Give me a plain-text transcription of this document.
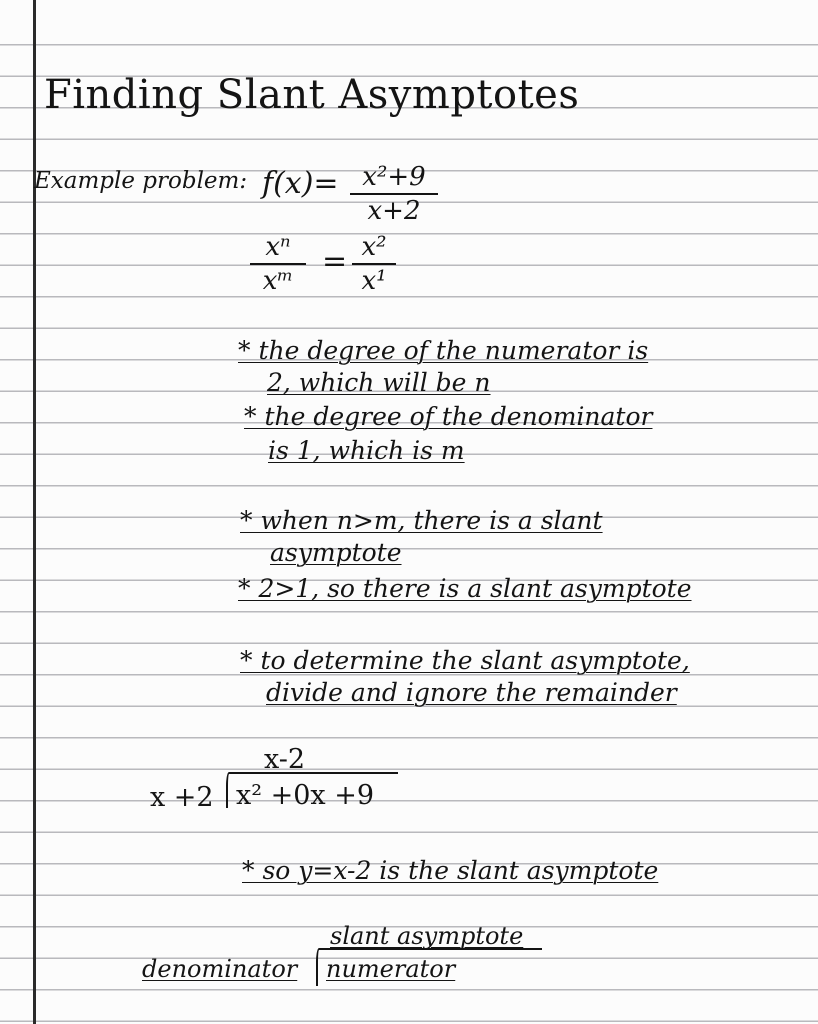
Finding Slant Asymptotes
Example problem: f(x)= x²+9
x+2
xⁿ
xᵐ
= x²
x¹
* the degree of the numerator is
2, which will be n
* the degree of the denominator
is 1, which is m
* when n>m, there is a slant
asymptote
* 2>1, so there is a slant asymptote
* to determine the slant asymptote,
divide and ignore the remainder
x-2
x +2 x² +0x +9
* so y=x-2 is the slant asymptote
slant asymptote
denominator numerator
